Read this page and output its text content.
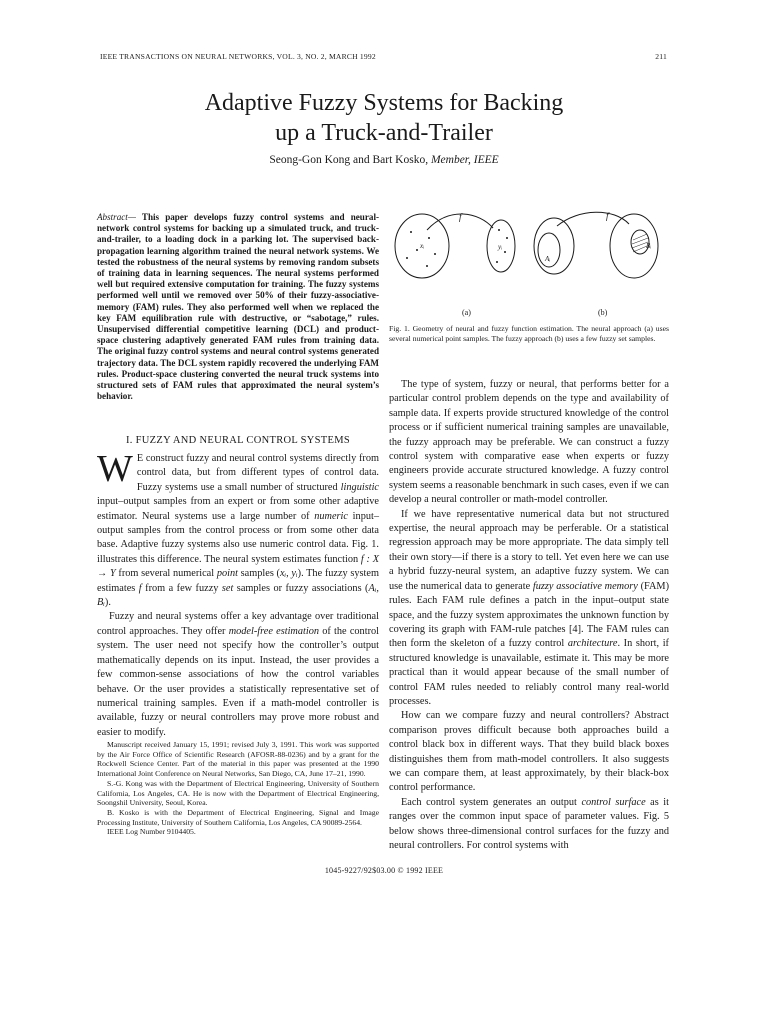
IEEE TRANSACTIONS ON NEURAL NETWORKS, VOL. 3, NO. 2, MARCH 1992	211
Adaptive Fuzzy Systems for Backing
up a Truck-and-Trailer
Seong-Gon Kong and Bart Kosko, Member, IEEE
Abstract— This paper develops fuzzy control systems and neural-network control systems for backing up a simulated truck, and truck-and-trailer, to a loading dock in a parking lot. The supervised back-propagation learning algorithm trained the neural network systems. We tested the robustness of the neural systems by removing random subsets of training data in learning sequences. The neural systems performed well but required extensive computation for training. The fuzzy systems performed well until we removed over 50% of their fuzzy-associative-memory (FAM) rules. They also performed well when we replaced the key FAM equilibration rule with destructive, or “sabotage,” rules. Unsupervised differential competitive learning (DCL) and product-space clustering adaptively generated FAM rules from training data. The original fuzzy control systems and neural control systems generated trajectory data. The DCL system rapidly recovered the underlying FAM rules. Product-space clustering converted the neural truck systems into structured sets of FAM rules that approximated the neural system’s behavior.
I. FUZZY AND NEURAL CONTROL SYSTEMS

W E construct fuzzy and neural control systems directly from control data, but from different types of control data. Fuzzy systems use a small number of structured linguistic input–output samples from an expert or from some other adaptive estimator. Neural systems use a large number of numeric input–output samples from the control process or from some other data base. Adaptive fuzzy systems also use numeric control data. Fig. 1. illustrates this difference. The neural system estimates function f : X → Y from several numerical point samples (xᵢ, yᵢ). The fuzzy system estimates f from a few fuzzy set samples or fuzzy associations (Aᵢ, Bᵢ).

Fuzzy and neural systems offer a key advantage over traditional control approaches. They offer model-free estimation of the control system. The user need not specify how the controller’s output mathematically depends on its input. Instead, the user provides a few common-sense associations of how the control variables behave. Or the user provides a statistically representative set of numerical training samples. Even if a math-model controller is available, fuzzy or neural controllers may prove more robust and easier to modify.

Manuscript received January 15, 1991; revised July 3, 1991. This work was supported by the Air Force Office of Scientific Research (AFOSR-88-0236) and by a grant for the Rockwell Science Center. Part of the material in this paper was presented at the 1990 International Joint Conference on Neural Networks, San Diego, CA, June 17–21, 1990.

S.-G. Kong was with the Department of Electrical Engineering, University of Southern California, Los Angeles, CA. He is now with the Department of Electrical Engineering, Soongshil University, Seoul, Korea.

B. Kosko is with the Department of Electrical Engineering, Signal and Image Processing Institute, University of Southern California, Los Angeles, CA 90089-2564.

IEEE Log Number 9104405.

f	f
xᵢ	yᵢ
Aᵢ
Bᵢ
(a)	(b)
Fig. 1. Geometry of neural and fuzzy function estimation. The neural approach (a) uses several numerical point samples. The fuzzy approach (b) uses a few fuzzy set samples.

The type of system, fuzzy or neural, that performs better for a particular control problem depends on the type and availability of sample data. If experts provide structured knowledge of the control process or if sufficient numerical training samples are unavailable, the fuzzy approach may be preferable. We can construct a fuzzy control system with comparative ease when experts or fuzzy engineers provide accurate structured knowledge. A fuzzy control system seems a reasonable benchmark in such cases, even if we can develop a neural controller or math-model controller.

If we have representative numerical data but not structured expertise, the neural approach may be perferable. Or a statistical regression approach may be more appropriate. The data simply tell their own story—if there is a story to tell. Yet even here we can use a hybrid fuzzy-neural system, an adaptive fuzzy system. We can use the numerical data to generate fuzzy associative memory (FAM) rules. Each FAM rule defines a patch in the input–output state space, and the fuzzy system approximates the unknown function by covering its graph with FAM-rule patches [4]. The FAM rules can then form the skeleton of a fuzzy control architecture. In short, if structured knowledge is unavailable, estimate it. This may be more practical than it would appear because of the small number of control FAM rules needed to reliably control many real-world processes.

How can we compare fuzzy and neural controllers? Abstract comparison proves difficult because both approaches build a control black box in different ways. That they build black boxes distinguishes them from math-model controllers. It also suggests we can compare them, at least approximately, by their black-box control performance.

Each control system generates an output control surface as it ranges over the common input space of parameter values. Fig. 5 below shows three-dimensional control surfaces for the fuzzy and neural controllers. For control systems with

1045-9227/92$03.00 © 1992 IEEE
